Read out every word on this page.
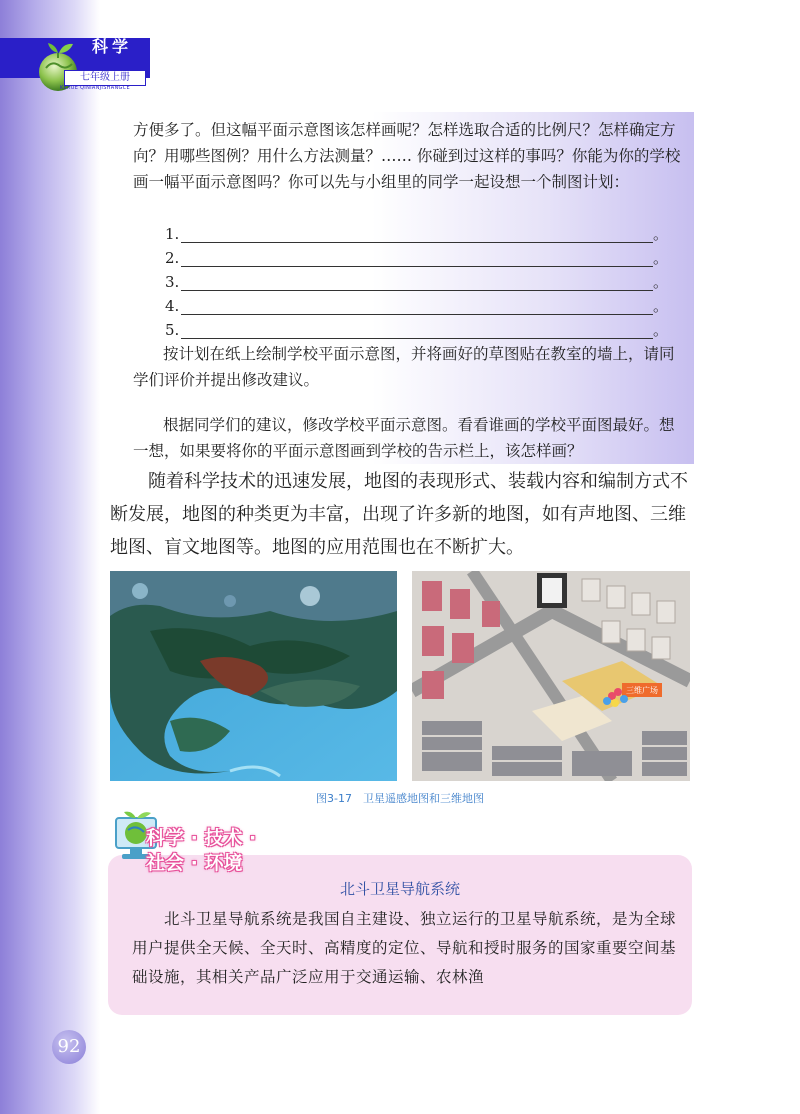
科学
七年级上册
KEXUE QINIANJISHANGCE

方便多了。但这幅平面示意图该怎样画呢？怎样选取合适的比例尺？怎样确定方向？用哪些图例？用什么方法测量？…… 你碰到过这样的事吗？你能为你的学校画一幅平面示意图吗？你可以先与小组里的同学一起设想一个制图计划：

1.	。
2.	。
3.	。
4.	。
5.	。

按计划在纸上绘制学校平面示意图，并将画好的草图贴在教室的墙上，请同学们评价并提出修改建议。

根据同学们的建议，修改学校平面示意图。看看谁画的学校平面图最好。想一想，如果要将你的平面示意图画到学校的告示栏上，该怎样画？

随着科学技术的迅速发展，地图的表现形式、装载内容和编制方式不断发展，地图的种类更为丰富，出现了许多新的地图，如有声地图、三维地图、盲文地图等。地图的应用范围也在不断扩大。

三维广场
图3-17　卫星遥感地图和三维地图
科学 · 技术 ·
社会 · 环境
北斗卫星导航系统

北斗卫星导航系统是我国自主建设、独立运行的卫星导航系统，是为全球用户提供全天候、全天时、高精度的定位、导航和授时服务的国家重要空间基础设施，其相关产品广泛应用于交通运输、农林渔

92
